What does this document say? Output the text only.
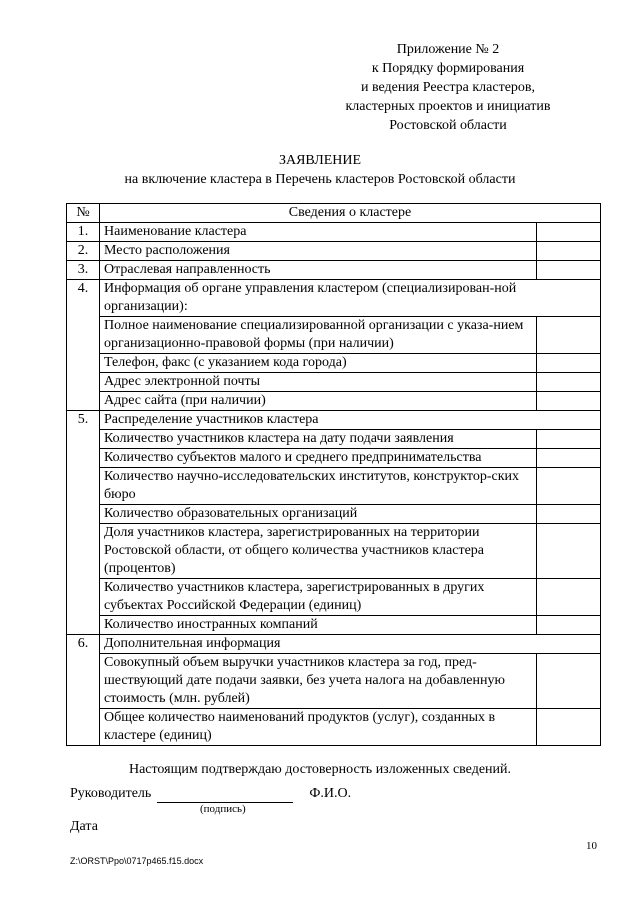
Приложение № 2
к Порядку формирования
и ведения Реестра кластеров,
кластерных проектов и инициатив
Ростовской области
ЗАЯВЛЕНИЕ
на включение кластера в Перечень кластеров Ростовской области
№	Сведения о кластере	
1.	Наименование кластера	
2.	Место расположения	
3.	Отраслевая направленность	
4.	Информация об органе управления кластером (специализирован-ной организации):	
	Полное наименование специализированной организации с указа-нием организационно-правовой формы (при наличии)	
	Телефон, факс (с указанием кода города)	
	Адрес электронной почты	
	Адрес сайта (при наличии)	
5.	Распределение участников кластера	
	Количество участников кластера на дату подачи заявления	
	Количество субъектов малого и среднего предпринимательства	
	Количество научно-исследовательских институтов, конструктор-ских бюро	
	Количество образовательных организаций	
	Доля участников кластера, зарегистрированных на территории Ростовской области, от общего количества участников кластера (процентов)	
	Количество участников кластера, зарегистрированных в других субъектах Российской Федерации (единиц)	
	Количество иностранных компаний	
6.	Дополнительная информация	
	Совокупный объем выручки участников кластера за год, пред-шествующий дате подачи заявки, без учета налога на добавленную стоимость (млн. рублей)	
	Общее количество наименований продуктов (услуг), созданных в кластере (единиц)	
Настоящим подтверждаю достоверность изложенных сведений.
Руководитель	Ф.И.О.
(подпись)
Дата
10
Z:\ORST\Ppo\0717p465.f15.docx
